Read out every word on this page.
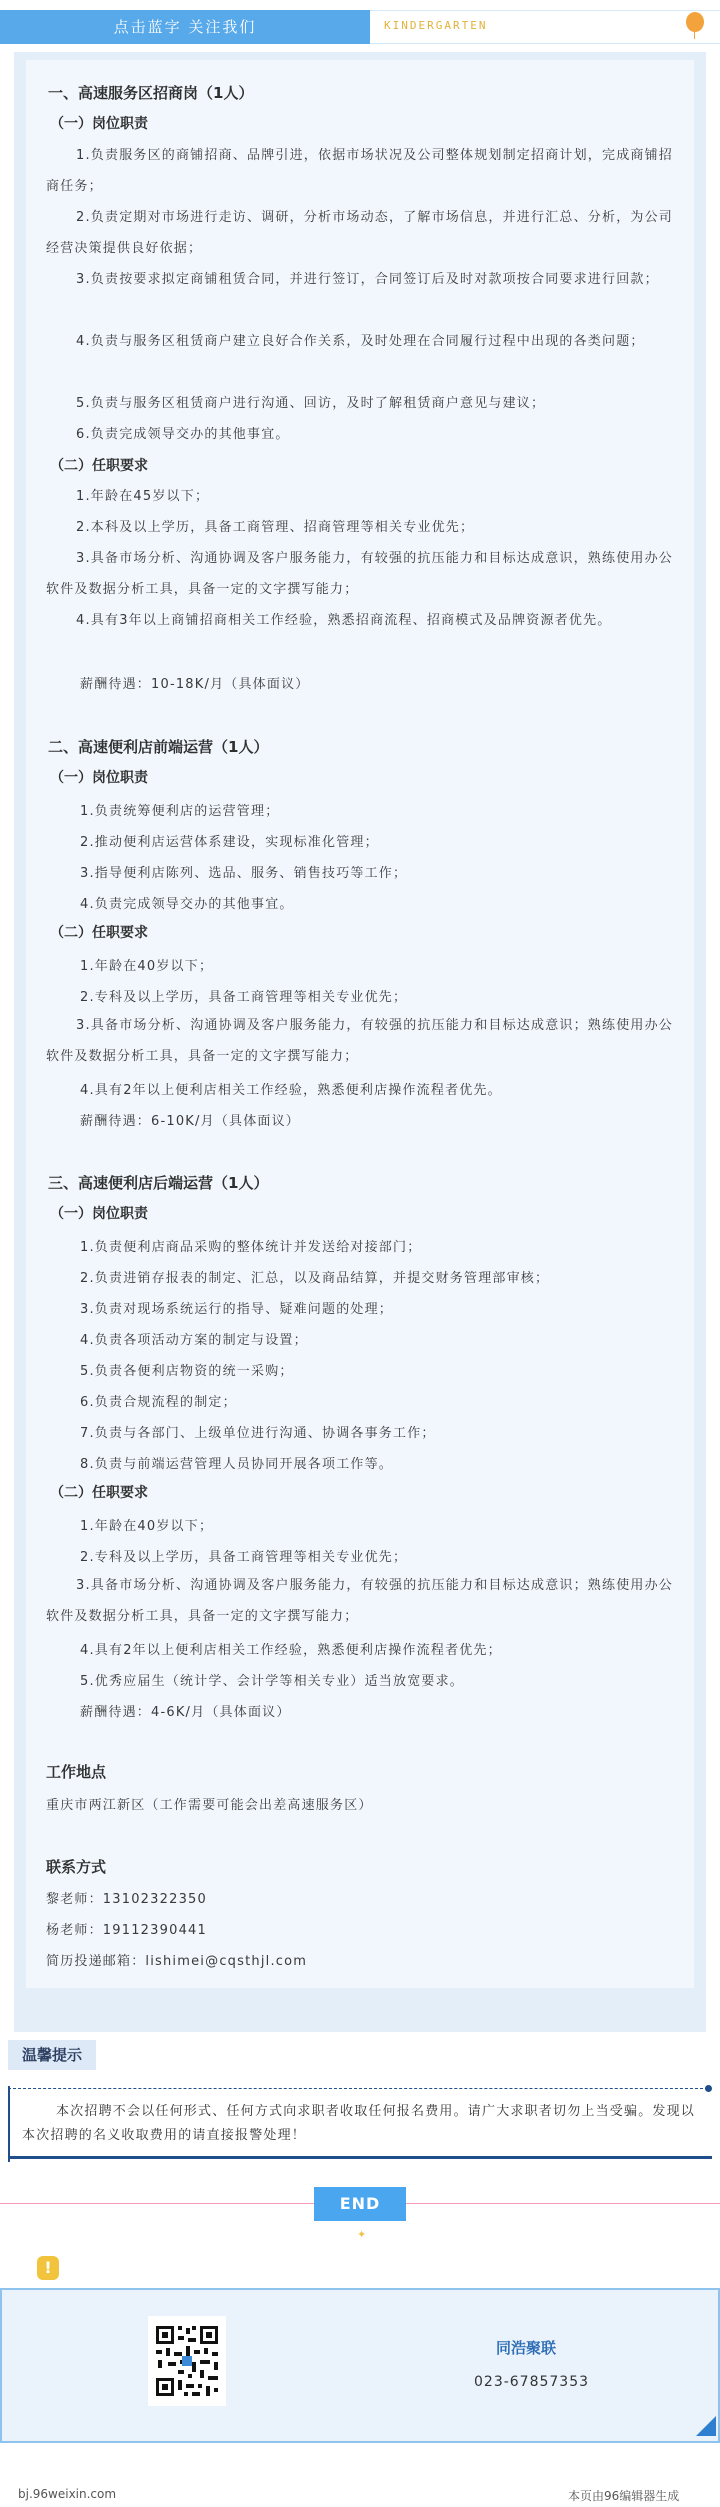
点击蓝字 关注我们	KINDERGARTEN
一、高速服务区招商岗（1人）
（一）岗位职责
1.负责服务区的商铺招商、品牌引进，依据市场状况及公司整体规划制定招商计划，完成商铺招商任务；
2.负责定期对市场进行走访、调研，分析市场动态，了解市场信息，并进行汇总、分析，为公司经营决策提供良好依据；
3.负责按要求拟定商铺租赁合同，并进行签订，合同签订后及时对款项按合同要求进行回款；
4.负责与服务区租赁商户建立良好合作关系，及时处理在合同履行过程中出现的各类问题；
5.负责与服务区租赁商户进行沟通、回访，及时了解租赁商户意见与建议；
6.负责完成领导交办的其他事宜。
（二）任职要求
1.年龄在45岁以下；
2.本科及以上学历，具备工商管理、招商管理等相关专业优先；
3.具备市场分析、沟通协调及客户服务能力，有较强的抗压能力和目标达成意识，熟练使用办公软件及数据分析工具，具备一定的文字撰写能力；
4.具有3年以上商铺招商相关工作经验，熟悉招商流程、招商模式及品牌资源者优先。
薪酬待遇：10-18K/月（具体面议）
二、高速便利店前端运营（1人）
（一）岗位职责
1.负责统筹便利店的运营管理；
2.推动便利店运营体系建设，实现标准化管理；
3.指导便利店陈列、选品、服务、销售技巧等工作；
4.负责完成领导交办的其他事宜。
（二）任职要求
1.年龄在40岁以下；
2.专科及以上学历，具备工商管理等相关专业优先；
3.具备市场分析、沟通协调及客户服务能力，有较强的抗压能力和目标达成意识；熟练使用办公软件及数据分析工具，具备一定的文字撰写能力；
4.具有2年以上便利店相关工作经验，熟悉便利店操作流程者优先。
薪酬待遇：6-10K/月（具体面议）
三、高速便利店后端运营（1人）
（一）岗位职责
1.负责便利店商品采购的整体统计并发送给对接部门；
2.负责进销存报表的制定、汇总，以及商品结算，并提交财务管理部审核；
3.负责对现场系统运行的指导、疑难问题的处理；
4.负责各项活动方案的制定与设置；
5.负责各便利店物资的统一采购；
6.负责合规流程的制定；
7.负责与各部门、上级单位进行沟通、协调各事务工作；
8.负责与前端运营管理人员协同开展各项工作等。
（二）任职要求
1.年龄在40岁以下；
2.专科及以上学历，具备工商管理等相关专业优先；
3.具备市场分析、沟通协调及客户服务能力，有较强的抗压能力和目标达成意识；熟练使用办公软件及数据分析工具，具备一定的文字撰写能力；
4.具有2年以上便利店相关工作经验，熟悉便利店操作流程者优先；
5.优秀应届生（统计学、会计学等相关专业）适当放宽要求。
薪酬待遇：4-6K/月（具体面议）
工作地点
重庆市两江新区（工作需要可能会出差高速服务区）
联系方式
黎老师：13102322350
杨老师：19112390441
简历投递邮箱：lishimei@cqsthjl.com
温馨提示
本次招聘不会以任何形式、任何方式向求职者收取任何报名费用。请广大求职者切勿上当受骗。发现以本次招聘的名义收取费用的请直接报警处理！
END
✦
!
同浩聚联
023-67857353
bj.96weixin.com	本页由96编辑器生成
